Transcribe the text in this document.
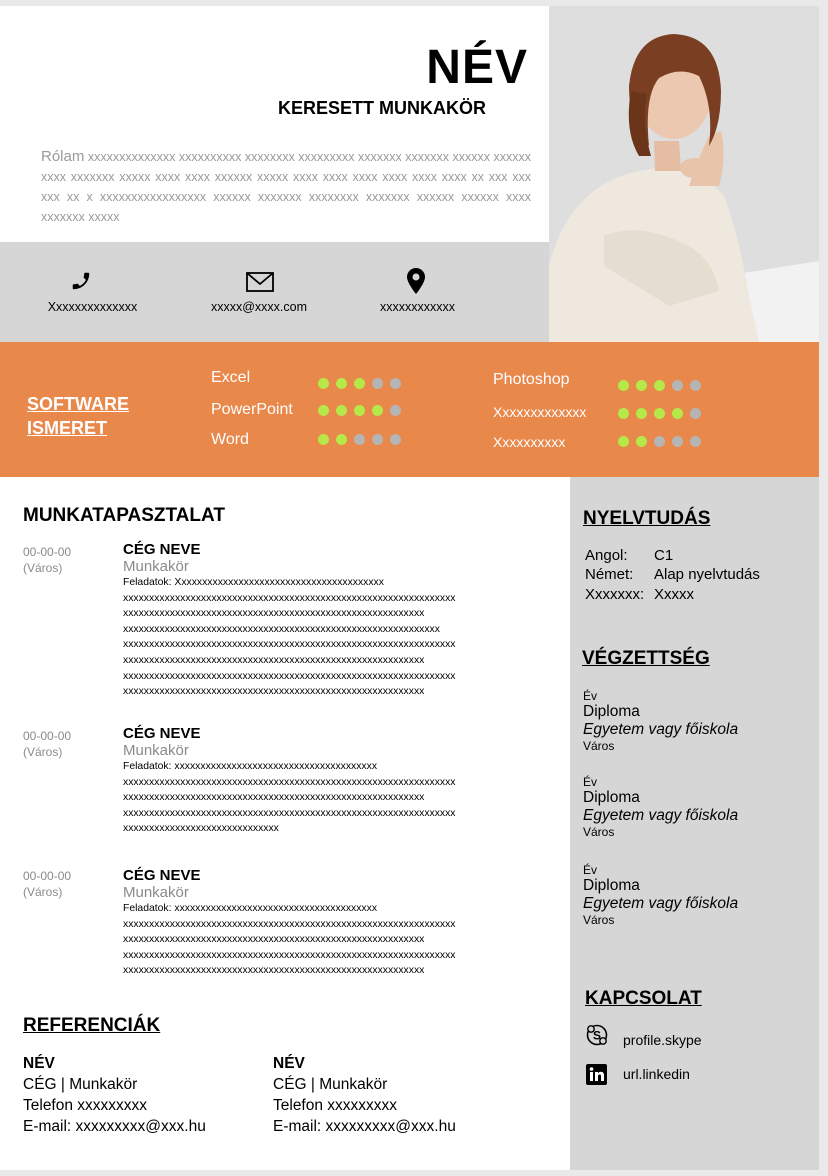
NÉV
KERESETT MUNKAKÖR
Rólam xxxxxxxxxxxxxx xxxxxxxxxx xxxxxxxx xxxxxxxxx xxxxxxx xxxxxxx xxxxxx xxxxxx xxxx xxxxxxx xxxxx xxxx xxxx xxxxxx xxxxx xxxx xxxx xxxx xxxx xxxx xxxx xx xxx xxx xxx xx x xxxxxxxxxxxxxxxxx xxxxxx xxxxxxx xxxxxxxx xxxxxxx xxxxxx xxxxxx xxxx xxxxxxx xxxxx
Xxxxxxxxxxxxxx	xxxxx@xxxx.com	xxxxxxxxxxxx
SOFTWARE
ISMERET
Excel
PowerPoint
Word
Photoshop
Xxxxxxxxxxxxx
Xxxxxxxxxx
NYELVTUDÁS
Angol: C1
Német: Alap nyelvtudás
Xxxxxxx: Xxxxx
VÉGZETTSÉG
Év
Diploma
Egyetem vagy főiskola
Város
Év
Diploma
Egyetem vagy főiskola
Város
Év
Diploma
Egyetem vagy főiskola
Város
KAPCSOLAT
S profile.skype
url.linkedin
MUNKATAPASZTALAT
00-00-00
(Város)
CÉG NEVE
Munkakör
Feladatok: Xxxxxxxxxxxxxxxxxxxxxxxxxxxxxxxxxxxxxxxx
xxxxxxxxxxxxxxxxxxxxxxxxxxxxxxxxxxxxxxxxxxxxxxxxxxxxxxxxxxxxxxxx
xxxxxxxxxxxxxxxxxxxxxxxxxxxxxxxxxxxxxxxxxxxxxxxxxxxxxxxxxx
xxxxxxxxxxxxxxxxxxxxxxxxxxxxxxxxxxxxxxxxxxxxxxxxxxxxxxxxxxxxx
xxxxxxxxxxxxxxxxxxxxxxxxxxxxxxxxxxxxxxxxxxxxxxxxxxxxxxxxxxxxxxxx
xxxxxxxxxxxxxxxxxxxxxxxxxxxxxxxxxxxxxxxxxxxxxxxxxxxxxxxxxx
xxxxxxxxxxxxxxxxxxxxxxxxxxxxxxxxxxxxxxxxxxxxxxxxxxxxxxxxxxxxxxxx
xxxxxxxxxxxxxxxxxxxxxxxxxxxxxxxxxxxxxxxxxxxxxxxxxxxxxxxxxx
00-00-00
(Város)
CÉG NEVE
Munkakör
Feladatok: xxxxxxxxxxxxxxxxxxxxxxxxxxxxxxxxxxxxxxx
xxxxxxxxxxxxxxxxxxxxxxxxxxxxxxxxxxxxxxxxxxxxxxxxxxxxxxxxxxxxxxxx
xxxxxxxxxxxxxxxxxxxxxxxxxxxxxxxxxxxxxxxxxxxxxxxxxxxxxxxxxx
xxxxxxxxxxxxxxxxxxxxxxxxxxxxxxxxxxxxxxxxxxxxxxxxxxxxxxxxxxxxxxxx
xxxxxxxxxxxxxxxxxxxxxxxxxxxxxx
00-00-00
(Város)
CÉG NEVE
Munkakör
Feladatok: xxxxxxxxxxxxxxxxxxxxxxxxxxxxxxxxxxxxxxx
xxxxxxxxxxxxxxxxxxxxxxxxxxxxxxxxxxxxxxxxxxxxxxxxxxxxxxxxxxxxxxxx
xxxxxxxxxxxxxxxxxxxxxxxxxxxxxxxxxxxxxxxxxxxxxxxxxxxxxxxxxx
xxxxxxxxxxxxxxxxxxxxxxxxxxxxxxxxxxxxxxxxxxxxxxxxxxxxxxxxxxxxxxxx
xxxxxxxxxxxxxxxxxxxxxxxxxxxxxxxxxxxxxxxxxxxxxxxxxxxxxxxxxx
REFERENCIÁK
NÉV
CÉG | Munkakör
Telefon xxxxxxxxx
E-mail: xxxxxxxxx@xxx.hu
NÉV
CÉG | Munkakör
Telefon xxxxxxxxx
E-mail: xxxxxxxxx@xxx.hu
